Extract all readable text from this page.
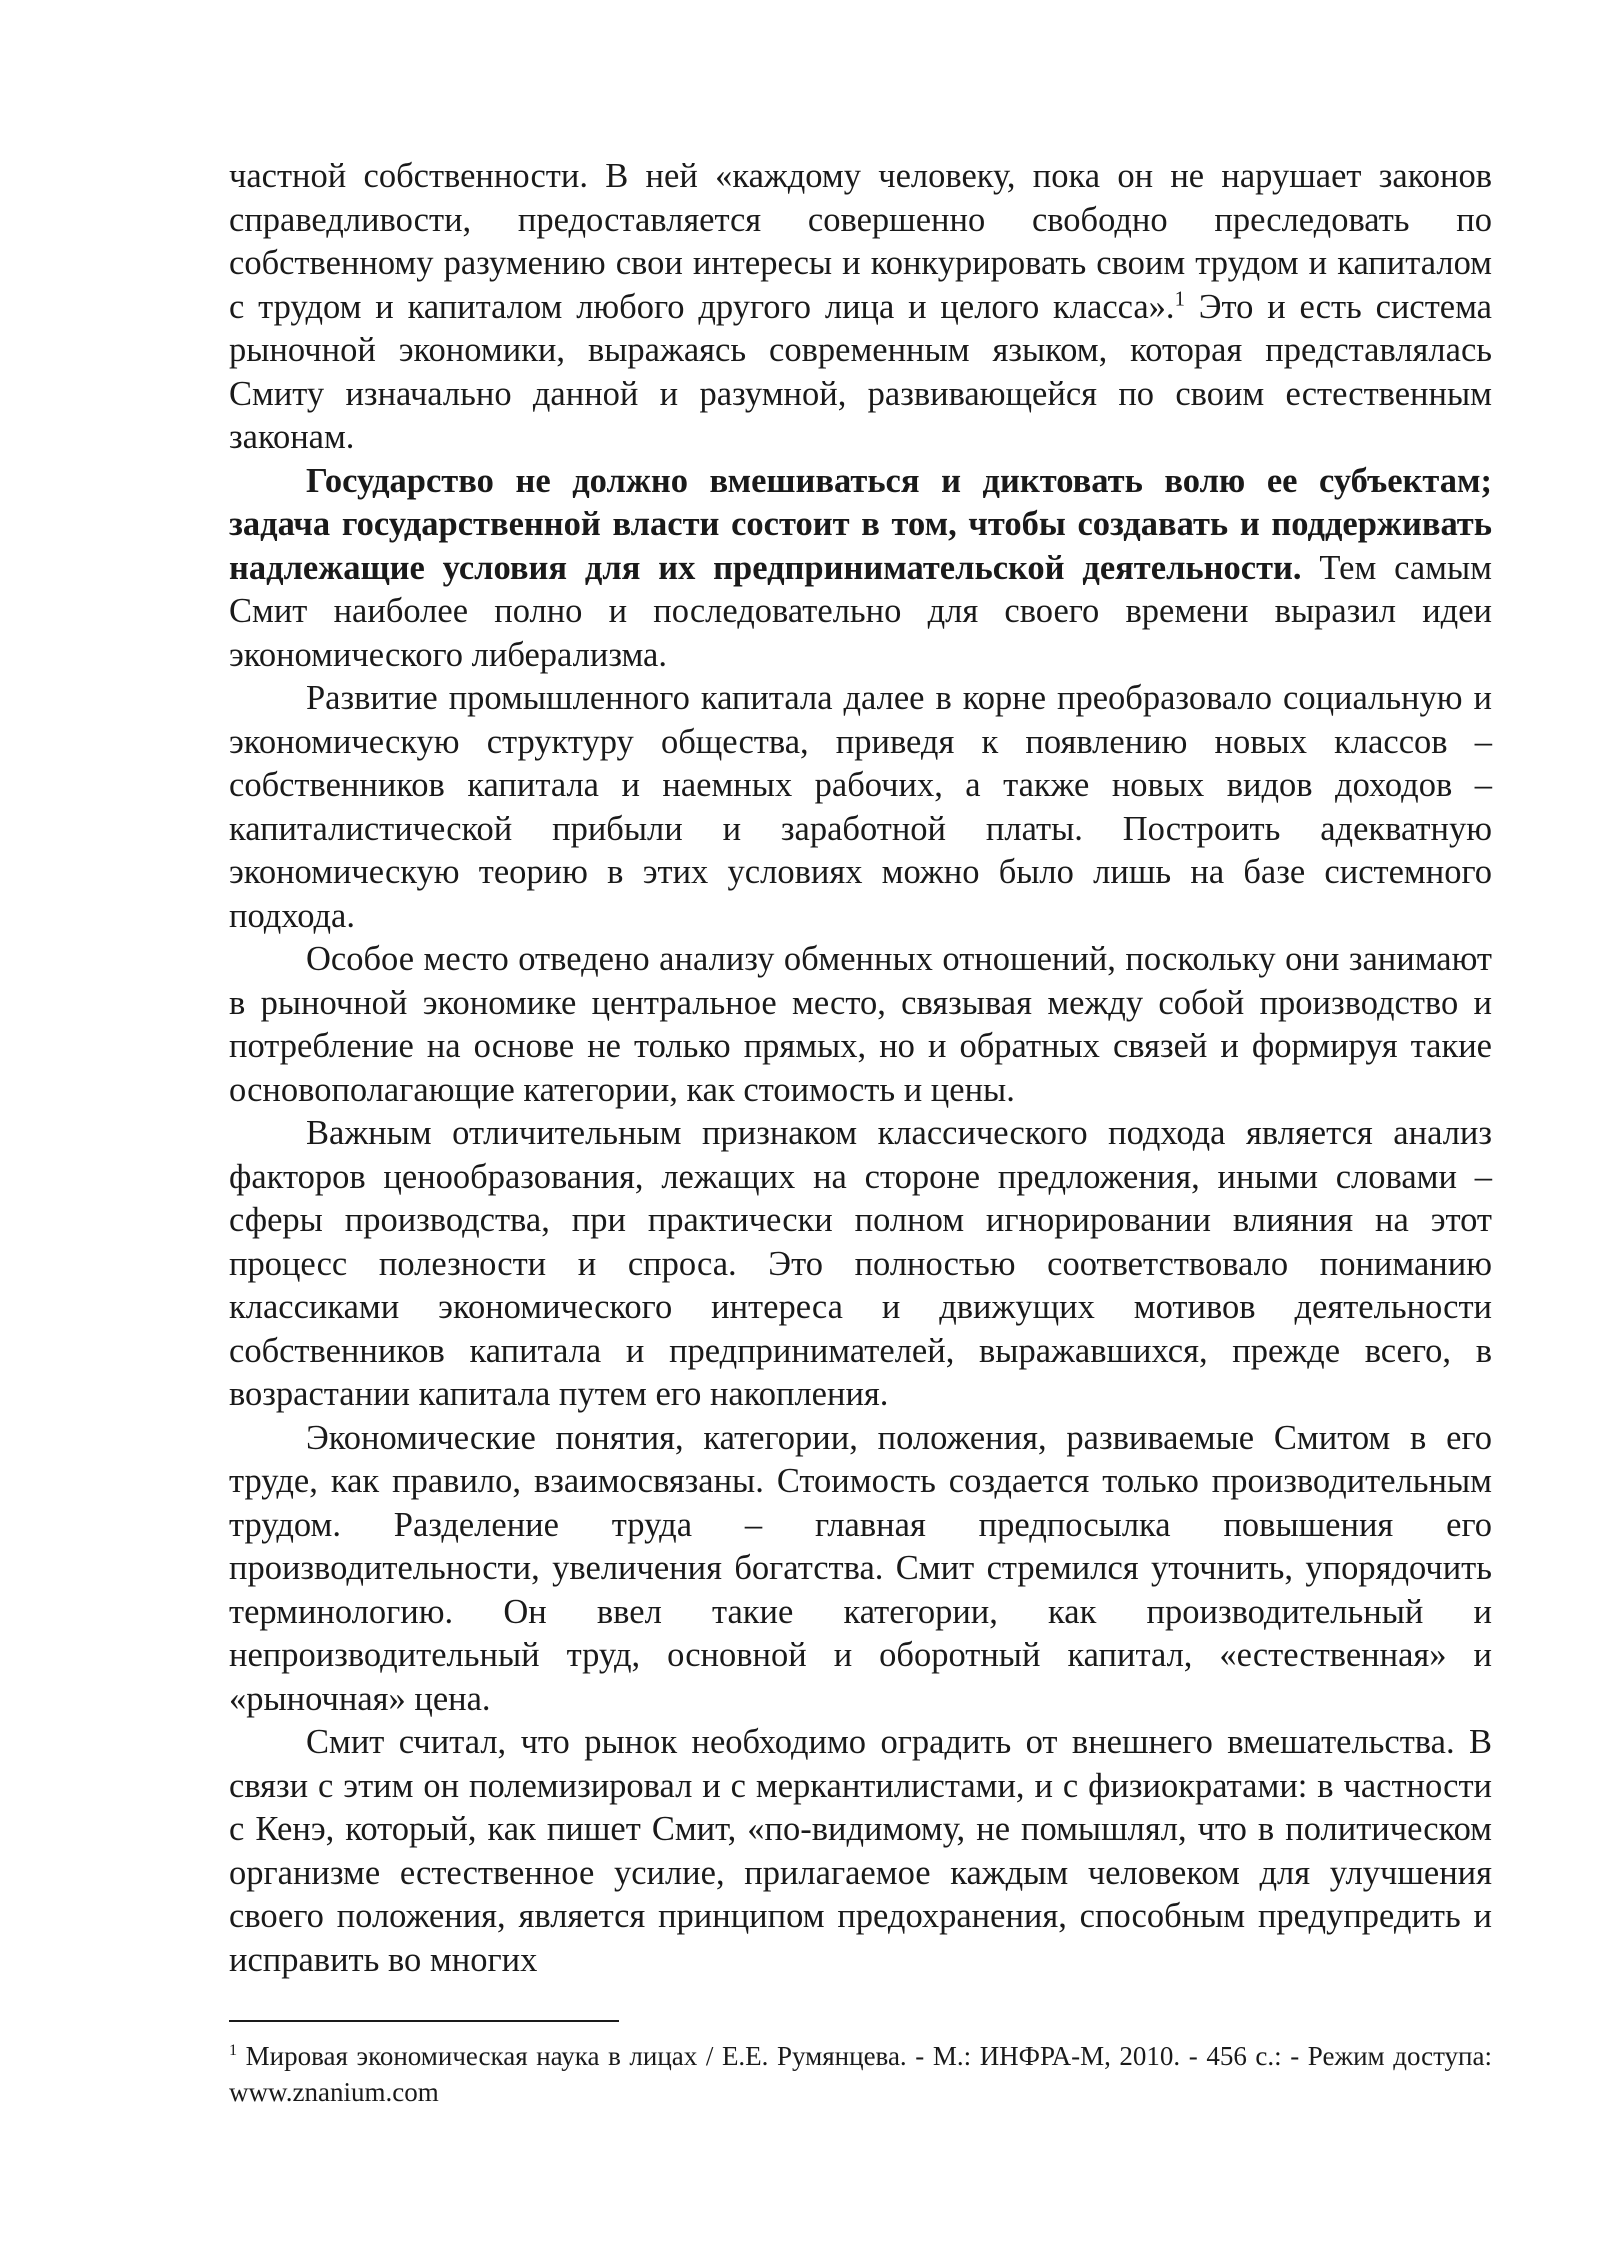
частной собственности. В ней «каждому человеку, пока он не нарушает законов справедливости, предоставляется совершенно свободно преследовать по собственному разумению свои интересы и конкурировать своим трудом и капиталом с трудом и капиталом любого другого лица и целого класса».$^1$ Это и есть система рыночной экономики, выражаясь современным языком, которая представлялась Смиту изначально данной и разумной, развивающейся по своим естественным законам.

Государство не должно вмешиваться и диктовать волю ее субъектам; задача государственной власти состоит в том, чтобы создавать и поддерживать надлежащие условия для их предпринимательской деятельности. Тем самым Смит наиболее полно и последовательно для своего времени выразил идеи экономического либерализма.

Развитие промышленного капитала далее в корне преобразовало социальную и экономическую структуру общества, приведя к появлению новых классов – собственников капитала и наемных рабочих, а также новых видов доходов – капиталистической прибыли и заработной платы. Построить адекватную экономическую теорию в этих условиях можно было лишь на базе системного подхода.

Особое место отведено анализу обменных отношений, поскольку они занимают в рыночной экономике центральное место, связывая между собой производство и потребление на основе не только прямых, но и обратных связей и формируя такие основополагающие категории, как стоимость и цены.

Важным отличительным признаком классического подхода является анализ факторов ценообразования, лежащих на стороне предложения, иными словами – сферы производства, при практически полном игнорировании влияния на этот процесс полезности и спроса. Это полностью соответствовало пониманию классиками экономического интереса и движущих мотивов деятельности собственников капитала и предпринимателей, выражавшихся, прежде всего, в возрастании капитала путем его накопления.

Экономические понятия, категории, положения, развиваемые Смитом в его труде, как правило, взаимосвязаны. Стоимость создается только производительным трудом. Разделение труда – главная предпосылка повышения его производительности, увеличения богатства. Смит стремился уточнить, упорядочить терминологию. Он ввел такие категории, как производительный и непроизводительный труд, основной и оборотный капитал, «естественная» и «рыночная» цена.

Смит считал, что рынок необходимо оградить от внешнего вмешательства. В связи с этим он полемизировал и с меркантилистами, и с физиократами: в частности с Кенэ, который, как пишет Смит, «по-видимому, не помышлял, что в политическом организме естественное усилие, прилагаемое каждым человеком для улучшения своего положения, является принципом предохранения, способным предупредить и исправить во многих

$^1$ Мировая экономическая наука в лицах / Е.Е. Румянцева. - М.: ИНФРА-М, 2010. - 456 с.: - Режим доступа: www.znanium.com
